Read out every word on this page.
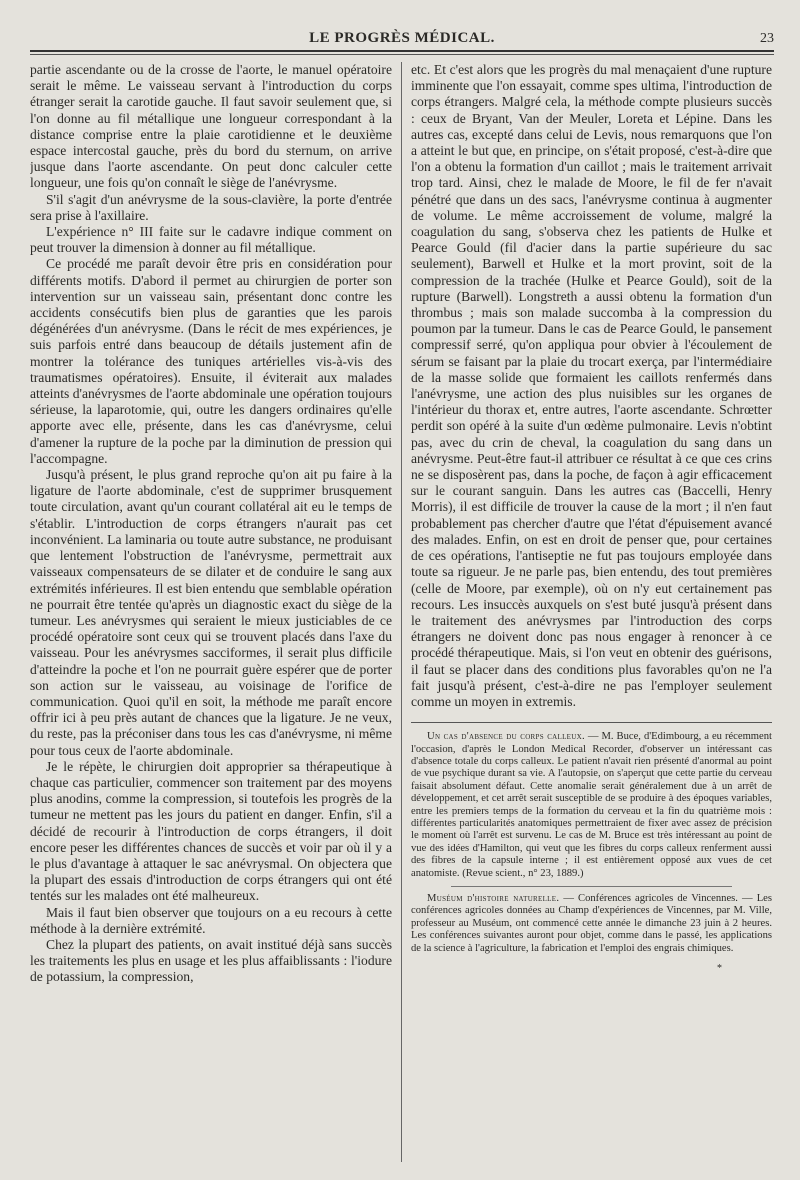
LE PROGRÈS MÉDICAL.	23

partie ascendante ou de la crosse de l'aorte, le manuel opératoire serait le même. Le vaisseau servant à l'introduction du corps étranger serait la carotide gauche. Il faut savoir seulement que, si l'on donne au fil métallique une longueur correspondant à la distance comprise entre la plaie carotidienne et le deuxième espace intercostal gauche, près du bord du sternum, on arrive jusque dans l'aorte ascendante. On peut donc calculer cette longueur, une fois qu'on connaît le siège de l'anévrysme.

S'il s'agit d'un anévrysme de la sous-clavière, la porte d'entrée sera prise à l'axillaire.

L'expérience n° III faite sur le cadavre indique comment on peut trouver la dimension à donner au fil métallique.

Ce procédé me paraît devoir être pris en considération pour différents motifs. D'abord il permet au chirurgien de porter son intervention sur un vaisseau sain, présentant donc contre les accidents consécutifs bien plus de garanties que les parois dégénérées d'un anévrysme. (Dans le récit de mes expériences, je suis parfois entré dans beaucoup de détails justement afin de montrer la tolérance des tuniques artérielles vis-à-vis des traumatismes opératoires). Ensuite, il éviterait aux malades atteints d'anévrysmes de l'aorte abdominale une opération toujours sérieuse, la laparotomie, qui, outre les dangers ordinaires qu'elle apporte avec elle, présente, dans les cas d'anévrysme, celui d'amener la rupture de la poche par la diminution de pression qui l'accompagne.

Jusqu'à présent, le plus grand reproche qu'on ait pu faire à la ligature de l'aorte abdominale, c'est de supprimer brusquement toute circulation, avant qu'un courant collatéral ait eu le temps de s'établir. L'introduction de corps étrangers n'aurait pas cet inconvénient. La laminaria ou toute autre substance, ne produisant que lentement l'obstruction de l'anévrysme, permettrait aux vaisseaux compensateurs de se dilater et de conduire le sang aux extrémités inférieures. Il est bien entendu que semblable opération ne pourrait être tentée qu'après un diagnostic exact du siège de la tumeur. Les anévrysmes qui seraient le mieux justiciables de ce procédé opératoire sont ceux qui se trouvent placés dans l'axe du vaisseau. Pour les anévrysmes sacciformes, il serait plus difficile d'atteindre la poche et l'on ne pourrait guère espérer que de porter son action sur le vaisseau, au voisinage de l'orifice de communication. Quoi qu'il en soit, la méthode me paraît encore offrir ici à peu près autant de chances que la ligature. Je ne veux, du reste, pas la préconiser dans tous les cas d'anévrysme, ni même pour tous ceux de l'aorte abdominale.

Je le répète, le chirurgien doit approprier sa thérapeutique à chaque cas particulier, commencer son traitement par des moyens plus anodins, comme la compression, si toutefois les progrès de la tumeur ne mettent pas les jours du patient en danger. Enfin, s'il a décidé de recourir à l'introduction de corps étrangers, il doit encore peser les différentes chances de succès et voir par où il y a le plus d'avantage à attaquer le sac anévrysmal. On objectera que la plupart des essais d'introduction de corps étrangers qui ont été tentés sur les malades ont été malheureux.

Mais il faut bien observer que toujours on a eu recours à cette méthode à la dernière extrémité.

Chez la plupart des patients, on avait institué déjà sans succès les traitements les plus en usage et les plus affaiblissants : l'iodure de potassium, la compression,

etc. Et c'est alors que les progrès du mal menaçaient d'une rupture imminente que l'on essayait, comme spes ultima, l'introduction de corps étrangers. Malgré cela, la méthode compte plusieurs succès : ceux de Bryant, Van der Meuler, Loreta et Lépine. Dans les autres cas, excepté dans celui de Levis, nous remarquons que l'on a atteint le but que, en principe, on s'était proposé, c'est-à-dire que l'on a obtenu la formation d'un caillot ; mais le traitement arrivait trop tard. Ainsi, chez le malade de Moore, le fil de fer n'avait pénétré que dans un des sacs, l'anévrysme continua à augmenter de volume. Le même accroissement de volume, malgré la coagulation du sang, s'observa chez les patients de Hulke et Pearce Gould (fil d'acier dans la partie supérieure du sac seulement), Barwell et Hulke et la mort provint, soit de la compression de la trachée (Hulke et Pearce Gould), soit de la rupture (Barwell). Longstreth a aussi obtenu la formation d'un thrombus ; mais son malade succomba à la compression du poumon par la tumeur. Dans le cas de Pearce Gould, le pansement compressif serré, qu'on appliqua pour obvier à l'écoulement de sérum se faisant par la plaie du trocart exerça, par l'intermédiaire de la masse solide que formaient les caillots renfermés dans l'anévrysme, une action des plus nuisibles sur les organes de l'intérieur du thorax et, entre autres, l'aorte ascendante. Schrœtter perdit son opéré à la suite d'un œdème pulmonaire. Levis n'obtint pas, avec du crin de cheval, la coagulation du sang dans un anévrysme. Peut-être faut-il attribuer ce résultat à ce que ces crins ne se disposèrent pas, dans la poche, de façon à agir efficacement sur le courant sanguin. Dans les autres cas (Baccelli, Henry Morris), il est difficile de trouver la cause de la mort ; il n'en faut probablement pas chercher d'autre que l'état d'épuisement avancé des malades. Enfin, on est en droit de penser que, pour certaines de ces opérations, l'antiseptie ne fut pas toujours employée dans toute sa rigueur. Je ne parle pas, bien entendu, des tout premières (celle de Moore, par exemple), où on n'y eut certainement pas recours. Les insuccès auxquels on s'est buté jusqu'à présent dans le traitement des anévrysmes par l'introduction des corps étrangers ne doivent donc pas nous engager à renoncer à ce procédé thérapeutique. Mais, si l'on veut en obtenir des guérisons, il faut se placer dans des conditions plus favorables qu'on ne l'a fait jusqu'à présent, c'est-à-dire ne pas l'employer seulement comme un moyen in extremis.

Un cas d'absence du corps calleux. — M. Buce, d'Edimbourg, a eu récemment l'occasion, d'après le London Medical Recorder, d'observer un intéressant cas d'absence totale du corps calleux. Le patient n'avait rien présenté d'anormal au point de vue psychique durant sa vie. A l'autopsie, on s'aperçut que cette partie du cerveau faisait absolument défaut. Cette anomalie serait généralement due à un arrêt de développement, et cet arrêt serait susceptible de se produire à des époques variables, entre les premiers temps de la formation du cerveau et la fin du quatrième mois : différentes particularités anatomiques permettraient de fixer avec assez de précision le moment où l'arrêt est survenu. Le cas de M. Bruce est très intéressant au point de vue des idées d'Hamilton, qui veut que les fibres du corps calleux renferment aussi des fibres de la capsule interne ; il est entièrement opposé aux vues de cet anatomiste. (Revue scient., n° 23, 1889.)

Muséum d'histoire naturelle. — Conférences agricoles de Vincennes. — Les conférences agricoles données au Champ d'expériences de Vincennes, par M. Ville, professeur au Muséum, ont commencé cette année le dimanche 23 juin à 2 heures. Les conférences suivantes auront pour objet, comme dans le passé, les applications de la science à l'agriculture, la fabrication et l'emploi des engrais chimiques.

*
